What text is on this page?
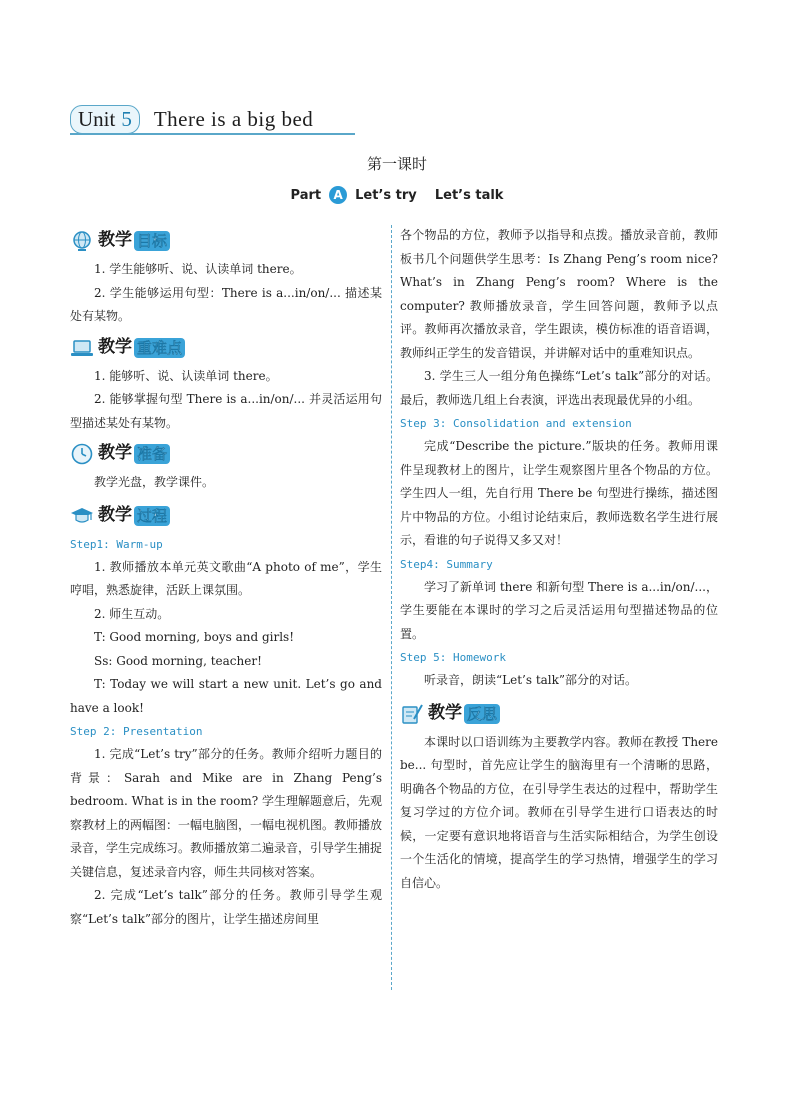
Unit 5 There is a big bed
第一课时
Part	A Let’s try    Let’s talk
教学 目标
1. 学生能够听、说、认读单词 there。
2. 学生能够运用句型：There is a...in/on/... 描述某处有某物。
教学 重难点
1. 能够听、说、认读单词 there。
2. 能够掌握句型 There is a...in/on/... 并灵活运用句型描述某处有某物。
教学 准备
教学光盘，教学课件。
教学 过程
Step1: Warm-up
1. 教师播放本单元英文歌曲“A photo of me”，学生哼唱，熟悉旋律，活跃上课氛围。
2. 师生互动。
T: Good morning, boys and girls!
Ss: Good morning, teacher!
T: Today we will start a new unit. Let’s go and have a look!
Step 2: Presentation
1. 完成“Let’s try”部分的任务。教师介绍听力题目的背景：Sarah and Mike are in Zhang Peng’s bedroom. What is in the room? 学生理解题意后，先观察教材上的两幅图：一幅电脑图，一幅电视机图。教师播放录音，学生完成练习。教师播放第二遍录音，引导学生捕捉关键信息，复述录音内容，师生共同核对答案。
2. 完成“Let’s talk”部分的任务。教师引导学生观察“Let’s talk”部分的图片，让学生描述房间里
各个物品的方位，教师予以指导和点拨。播放录音前，教师板书几个问题供学生思考：Is Zhang Peng’s room nice? What’s in Zhang Peng’s room? Where is the computer? 教师播放录音，学生回答问题，教师予以点评。教师再次播放录音，学生跟读，模仿标准的语音语调，教师纠正学生的发音错误，并讲解对话中的重难知识点。
3. 学生三人一组分角色操练“Let’s talk”部分的对话。最后，教师选几组上台表演，评选出表现最优异的小组。
Step 3: Consolidation and extension
完成“Describe the picture.”版块的任务。教师用课件呈现教材上的图片，让学生观察图片里各个物品的方位。学生四人一组，先自行用 There be 句型进行操练，描述图片中物品的方位。小组讨论结束后，教师选数名学生进行展示，看谁的句子说得又多又对！
Step4: Summary
学习了新单词 there 和新句型 There is a...in/on/...，学生要能在本课时的学习之后灵活运用句型描述物品的位置。
Step 5: Homework
听录音，朗读“Let’s talk”部分的对话。
教学 反思
本课时以口语训练为主要教学内容。教师在教授 There be... 句型时，首先应让学生的脑海里有一个清晰的思路，明确各个物品的方位，在引导学生表达的过程中，帮助学生复习学过的方位介词。教师在引导学生进行口语表达的时候，一定要有意识地将语音与生活实际相结合，为学生创设一个生活化的情境，提高学生的学习热情，增强学生的学习自信心。
